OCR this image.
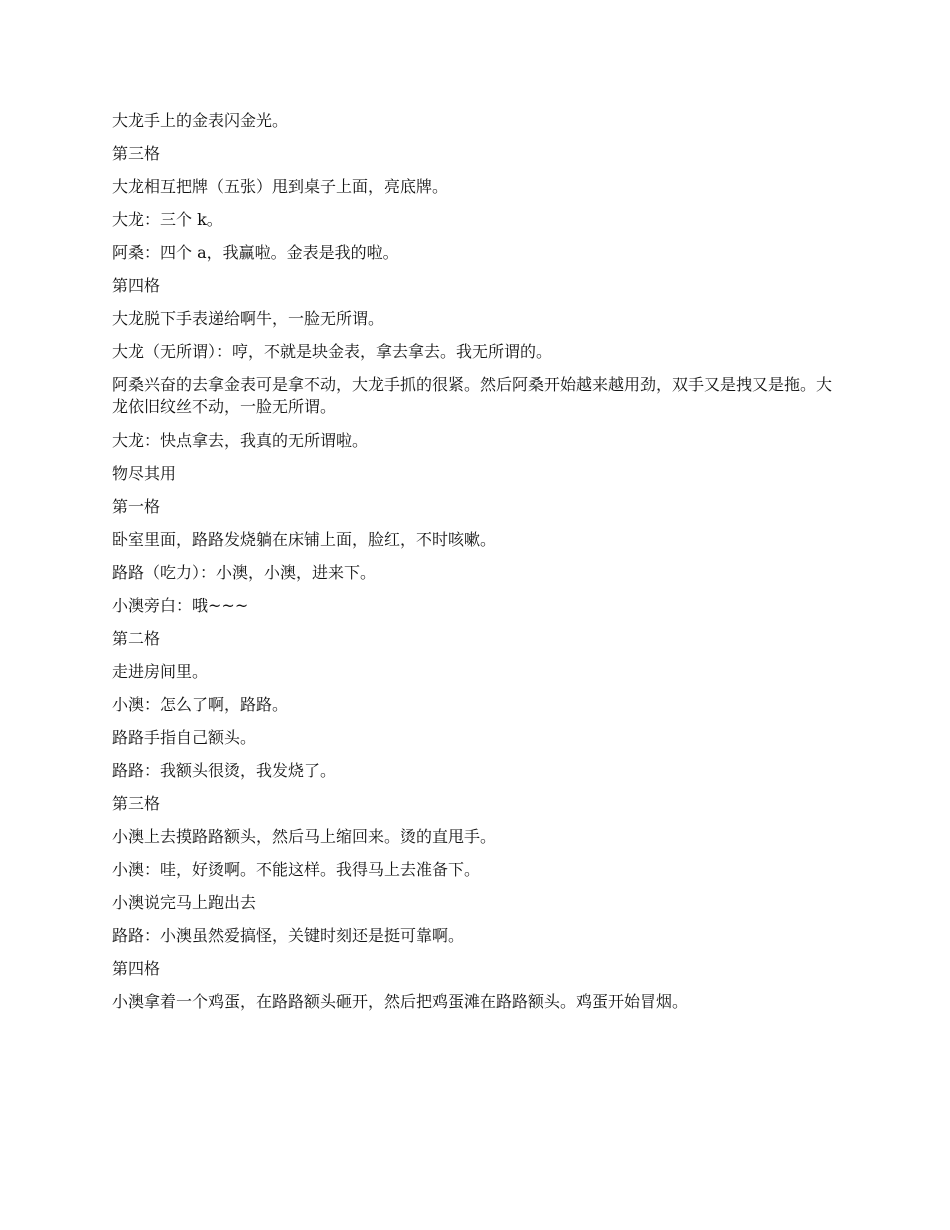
大龙手上的金表闪金光。

第三格

大龙相互把牌（五张）甩到桌子上面，亮底牌。

大龙：三个 k。

阿桑：四个 a，我赢啦。金表是我的啦。

第四格

大龙脱下手表递给啊牛，一脸无所谓。

大龙（无所谓）：哼，不就是块金表，拿去拿去。我无所谓的。

阿桑兴奋的去拿金表可是拿不动，大龙手抓的很紧。然后阿桑开始越来越用劲，双手又是拽又是拖。大龙依旧纹丝不动，一脸无所谓。

大龙：快点拿去，我真的无所谓啦。

物尽其用

第一格

卧室里面，路路发烧躺在床铺上面，脸红，不时咳嗽。

路路（吃力）：小澳，小澳，进来下。

小澳旁白：哦~~~

第二格

走进房间里。

小澳：怎么了啊，路路。

路路手指自己额头。

路路：我额头很烫，我发烧了。

第三格

小澳上去摸路路额头，然后马上缩回来。烫的直甩手。

小澳：哇，好烫啊。不能这样。我得马上去准备下。

小澳说完马上跑出去

路路：小澳虽然爱搞怪，关键时刻还是挺可靠啊。

第四格

小澳拿着一个鸡蛋，在路路额头砸开，然后把鸡蛋滩在路路额头。鸡蛋开始冒烟。
